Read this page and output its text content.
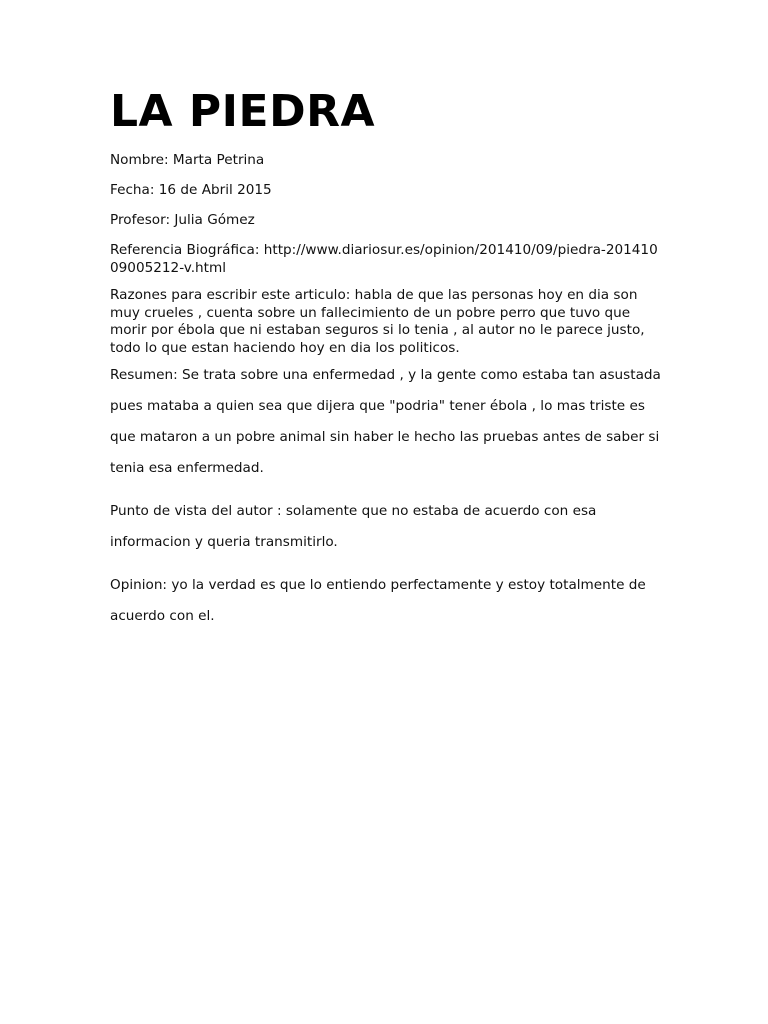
LA PIEDRA

Nombre: Marta Petrina

Fecha: 16 de Abril 2015

Profesor: Julia Gómez

Referencia Biográfica: http://www.diariosur.es/opinion/201410/09/piedra-20141009005212-v.html

Razones para escribir este articulo: habla de que las personas hoy en dia son muy crueles , cuenta sobre un fallecimiento de un pobre perro que tuvo que morir por ébola que ni estaban seguros si lo tenia , al autor no le parece justo, todo lo que estan haciendo hoy en dia los politicos.

Resumen: Se trata sobre una enfermedad , y la gente como estaba tan asustada pues mataba a quien sea que dijera que "podria" tener ébola , lo mas triste es que mataron a un pobre animal sin haber le hecho las pruebas antes de saber si tenia esa enfermedad.

Punto de vista del autor : solamente que no estaba de acuerdo con esa informacion y queria transmitirlo.

Opinion: yo la verdad es que lo entiendo perfectamente y estoy totalmente de acuerdo con el.
